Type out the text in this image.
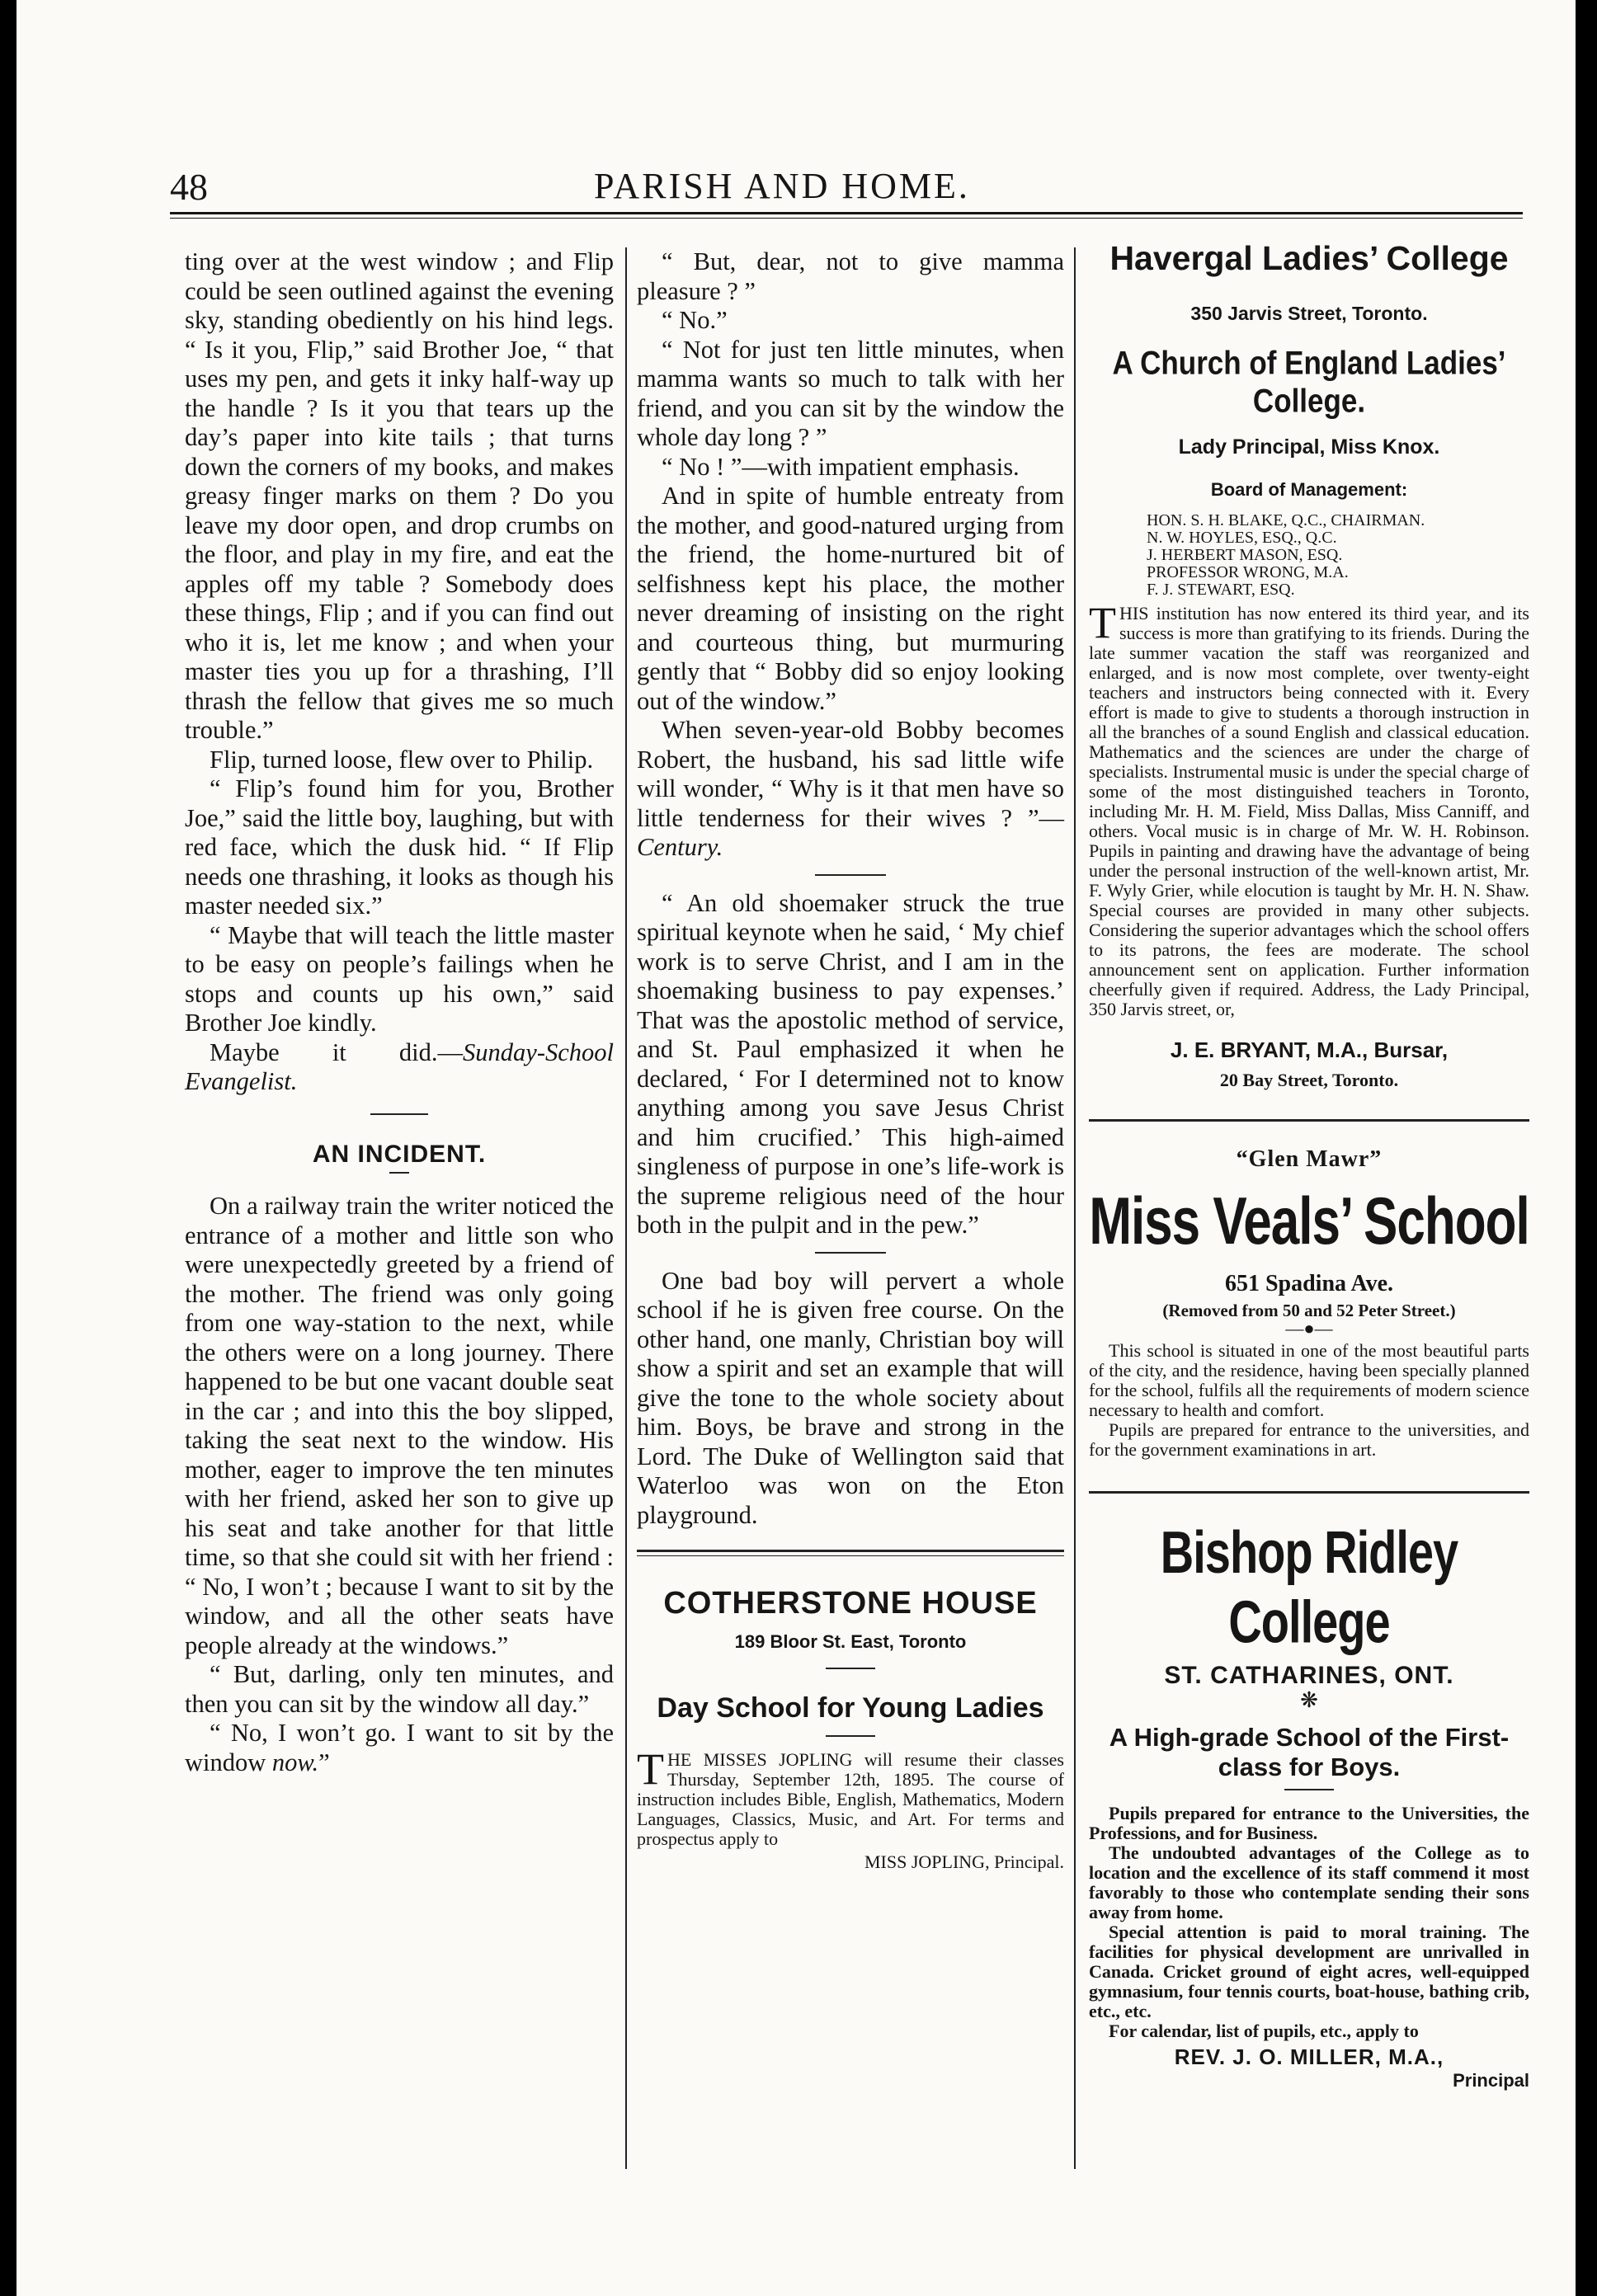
48	PARISH AND HOME.

ting over at the west window ; and Flip could be seen outlined against the evening sky, standing obediently on his hind legs. “ Is it you, Flip,” said Brother Joe, “ that uses my pen, and gets it inky half-way up the handle ? Is it you that tears up the day’s paper into kite tails ; that turns down the corners of my books, and makes greasy finger marks on them ? Do you leave my door open, and drop crumbs on the floor, and play in my fire, and eat the apples off my table ? Somebody does these things, Flip ; and if you can find out who it is, let me know ; and when your master ties you up for a thrashing, I’ll thrash the fellow that gives me so much trouble.”

Flip, turned loose, flew over to Philip.

“ Flip’s found him for you, Brother Joe,” said the little boy, laughing, but with red face, which the dusk hid. “ If Flip needs one thrashing, it looks as though his master needed six.”

“ Maybe that will teach the little master to be easy on people’s failings when he stops and counts up his own,” said Brother Joe kindly.

Maybe it did.—Sunday-School Evangelist.

AN INCIDENT.

On a railway train the writer noticed the entrance of a mother and little son who were unexpectedly greeted by a friend of the mother. The friend was only going from one way-station to the next, while the others were on a long journey. There happened to be but one vacant double seat in the car ; and into this the boy slipped, taking the seat next to the window. His mother, eager to improve the ten minutes with her friend, asked her son to give up his seat and take another for that little time, so that she could sit with her friend : “ No, I won’t ; because I want to sit by the window, and all the other seats have people already at the windows.”

“ But, darling, only ten minutes, and then you can sit by the window all day.”

“ No, I won’t go. I want to sit by the window now.”

“ But, dear, not to give mamma pleasure ? ”

“ No.”

“ Not for just ten little minutes, when mamma wants so much to talk with her friend, and you can sit by the window the whole day long ? ”

“ No ! ”—with impatient emphasis.

And in spite of humble entreaty from the mother, and good-natured urging from the friend, the home-nurtured bit of selfishness kept his place, the mother never dreaming of insisting on the right and courteous thing, but murmuring gently that “ Bobby did so enjoy looking out of the window.”

When seven-year-old Bobby becomes Robert, the husband, his sad little wife will wonder, “ Why is it that men have so little tenderness for their wives ? ”— Century.

“ An old shoemaker struck the true spiritual keynote when he said, ‘ My chief work is to serve Christ, and I am in the shoemaking business to pay expenses.’ That was the apostolic method of service, and St. Paul emphasized it when he declared, ‘ For I determined not to know anything among you save Jesus Christ and him crucified.’ This high-aimed singleness of purpose in one’s life-work is the supreme religious need of the hour both in the pulpit and in the pew.”

One bad boy will pervert a whole school if he is given free course. On the other hand, one manly, Christian boy will show a spirit and set an example that will give the tone to the whole society about him. Boys, be brave and strong in the Lord. The Duke of Wellington said that Waterloo was won on the Eton playground.

COTHERSTONE HOUSE
189 Bloor St. East, Toronto
Day School for Young Ladies
THE MISSES JOPLING will resume their classes Thursday, September 12th, 1895. The course of instruction includes Bible, English, Mathematics, Modern Languages, Classics, Music, and Art. For terms and prospectus apply to
MISS JOPLING, Principal.
Havergal Ladies’ College
350 Jarvis Street, Toronto.
A Church of England Ladies’ College.
Lady Principal, Miss Knox.
Board of Management:
HON. S. H. BLAKE, Q.C., CHAIRMAN.
N. W. HOYLES, ESQ., Q.C.
J. HERBERT MASON, ESQ.
PROFESSOR WRONG, M.A.
F. J. STEWART, ESQ.
THIS institution has now entered its third year, and its success is more than gratifying to its friends. During the late summer vacation the staff was reorganized and enlarged, and is now most complete, over twenty-eight teachers and instructors being connected with it. Every effort is made to give to students a thorough instruction in all the branches of a sound English and classical education. Mathematics and the sciences are under the charge of specialists. Instrumental music is under the special charge of some of the most distinguished teachers in Toronto, including Mr. H. M. Field, Miss Dallas, Miss Canniff, and others. Vocal music is in charge of Mr. W. H. Robinson. Pupils in painting and drawing have the advantage of being under the personal instruction of the well-known artist, Mr. F. Wyly Grier, while elocution is taught by Mr. H. N. Shaw. Special courses are provided in many other subjects. Considering the superior advantages which the school offers to its patrons, the fees are moderate. The school announcement sent on application. Further information cheerfully given if required. Address, the Lady Principal, 350 Jarvis street, or,
J. E. BRYANT, M.A., Bursar,
20 Bay Street, Toronto.
“Glen Mawr”
Miss Veals’ School
651 Spadina Ave.
(Removed from 50 and 52 Peter Street.)
—●—
This school is situated in one of the most beautiful parts of the city, and the residence, having been specially planned for the school, fulfils all the requirements of modern science necessary to health and comfort.
Pupils are prepared for entrance to the universities, and for the government examinations in art.
Bishop Ridley College
ST. CATHARINES, ONT.
❋
A High-grade School of the First-class for Boys.
Pupils prepared for entrance to the Universities, the Professions, and for Business.
The undoubted advantages of the College as to location and the excellence of its staff commend it most favorably to those who contemplate sending their sons away from home.
Special attention is paid to moral training. The facilities for physical development are unrivalled in Canada. Cricket ground of eight acres, well-equipped gymnasium, four tennis courts, boat-house, bathing crib, etc., etc.
For calendar, list of pupils, etc., apply to
REV. J. O. MILLER, M.A.,
Principal
